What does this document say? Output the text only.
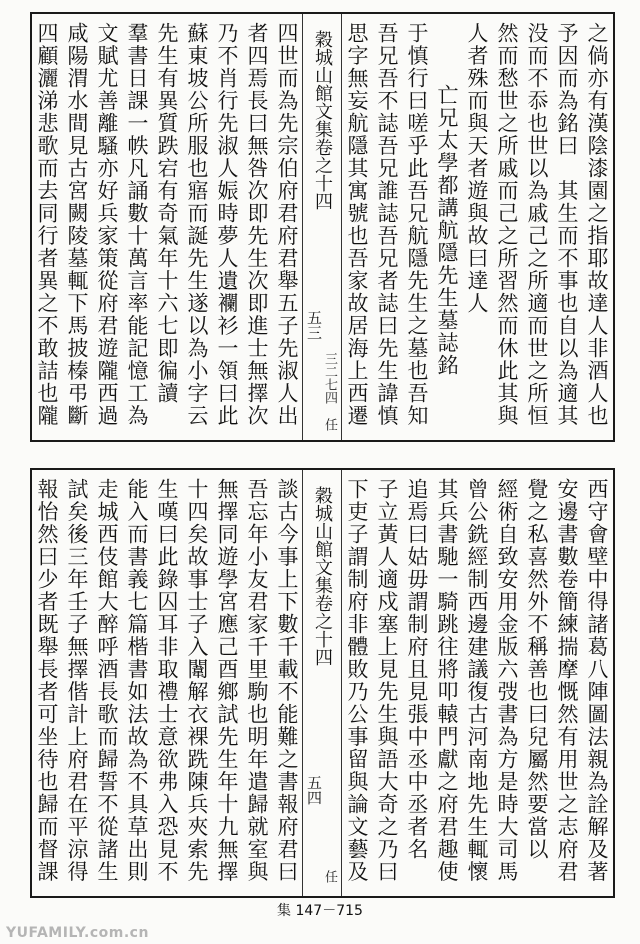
之倘亦有漢陰漆園之指耶故達人非酒人也
予因而為銘曰　其生而不事也自以為適其
没而不忝也世以為戚己之所適而世之所恒
然而愁世之所戚而己之所習然而休此其與
人者殊而與天者遊與故曰達人
亡兄太學都講航隱先生墓誌銘
于慎行曰嗟乎此吾兄航隱先生之墓也吾知
吾兄吾不誌吾兄誰誌吾兄者誌曰先生諱慎
思字無妄航隱其寓號也吾家故居海上西遷
穀城山館文集卷之十四
五三
三二七四
任
四世而為先宗伯府君府君舉五子先淑人出
者四焉長曰無咎次即先生次即進士無擇次
乃不肖行先淑人娠時夢人遺襴衫一領曰此
蘇東坡公所服也寤而誕先生遂以為小字云
先生有異質跌宕有奇氣年十六七即徧讀
羣書日課一帙凡誦數十萬言率能記憶工為
文賦尤善離騷亦好兵家策從府君遊隴西過
咸陽渭水間見古宮闕陵墓輒下馬披榛弔斷
四顧灑涕悲歌而去同行者異之不敢詰也隴
西守會壁中得諸葛八陣圖法親為詮解及著
安邊書數卷簡練揣摩慨然有用世之志府君
覺之私喜然外不稱善也曰兒屬然要當以
經術自致安用金版六弢書為方是時大司馬
曾公銑經制西邊建議復古河南地先生輒懷
其兵書馳一騎跳往將叩轅門獻之府君趣使
追焉曰姑毋謂制府且見張中丞中丞者名
子立黃人適戍塞上見先生與語大奇之乃曰
下吏子謂制府非體敗乃公事留與論文藝及
穀城山館文集卷之十四
五四
任
談古今事上下數千載不能難之書報府君曰
吾忘年小友君家千里駒也明年遣歸就室與
無擇同遊學宮應己酉鄉試先生年十九無擇
十四矣故事士子入闈解衣裸跣陳兵夾索先
生嘆曰此錄囚耳非取禮士意欲弗入恐見不
能入而書義七篇楷書如法故為不具草出則
走城西伎館大醉呼酒長歌而歸誓不從諸生
試矣後三年壬子無擇偕計上府君在平涼得
報怡然曰少者既舉長者可坐待也歸而督課
集 147－715
YUFAMILY.com.cn
